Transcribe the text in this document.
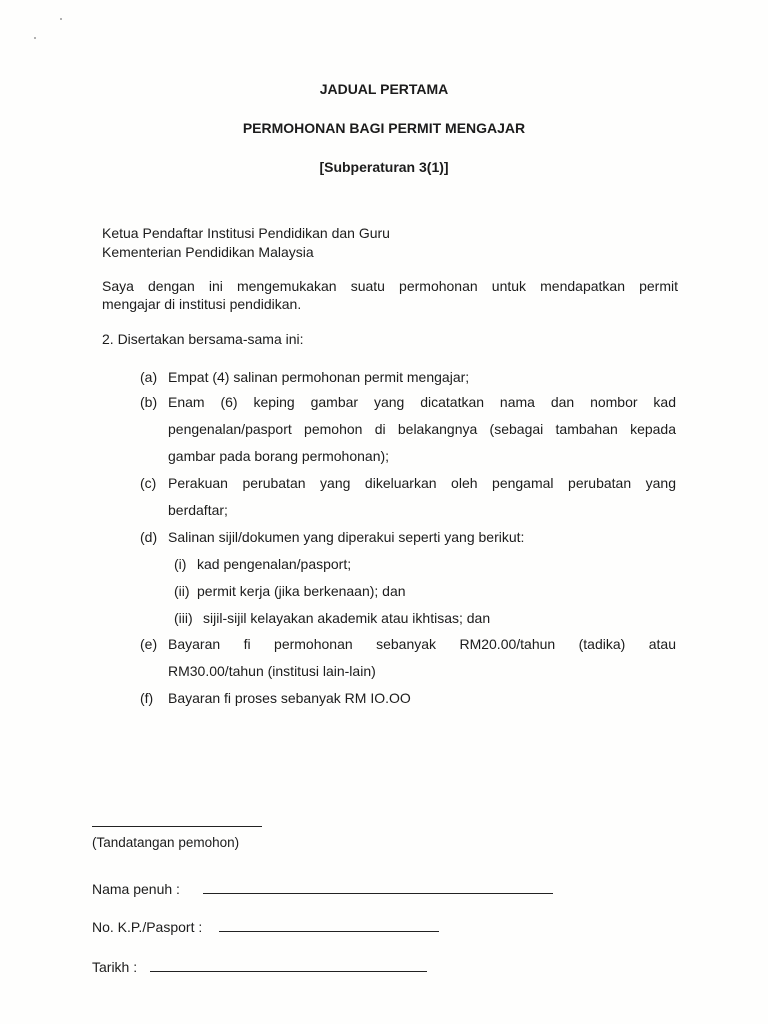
JADUAL PERTAMA
PERMOHONAN BAGI PERMIT MENGAJAR
[Subperaturan 3(1)]
Ketua Pendaftar Institusi Pendidikan dan Guru
Kementerian Pendidikan Malaysia
Saya dengan ini mengemukakan suatu permohonan untuk mendapatkan permit
mengajar di institusi pendidikan.
2. Disertakan bersama-sama ini:
(a) Empat (4) salinan permohonan permit mengajar;
(b) Enam (6) keping gambar yang dicatatkan nama dan nombor kad
pengenalan/pasport pemohon di belakangnya (sebagai tambahan kepada
gambar pada borang permohonan);
(c) Perakuan perubatan yang dikeluarkan oleh pengamal perubatan yang
berdaftar;
(d) Salinan sijil/dokumen yang diperakui seperti yang berikut:
(i) kad pengenalan/pasport;
(ii) permit kerja (jika berkenaan); dan
(iii) sijil-sijil kelayakan akademik atau ikhtisas; dan
(e) Bayaran fi permohonan sebanyak RM20.00/tahun (tadika) atau
RM30.00/tahun (institusi lain-lain)
(f) Bayaran fi proses sebanyak RM IO.OO
(Tandatangan pemohon)
Nama penuh :
No. K.P./Pasport :
Tarikh :
